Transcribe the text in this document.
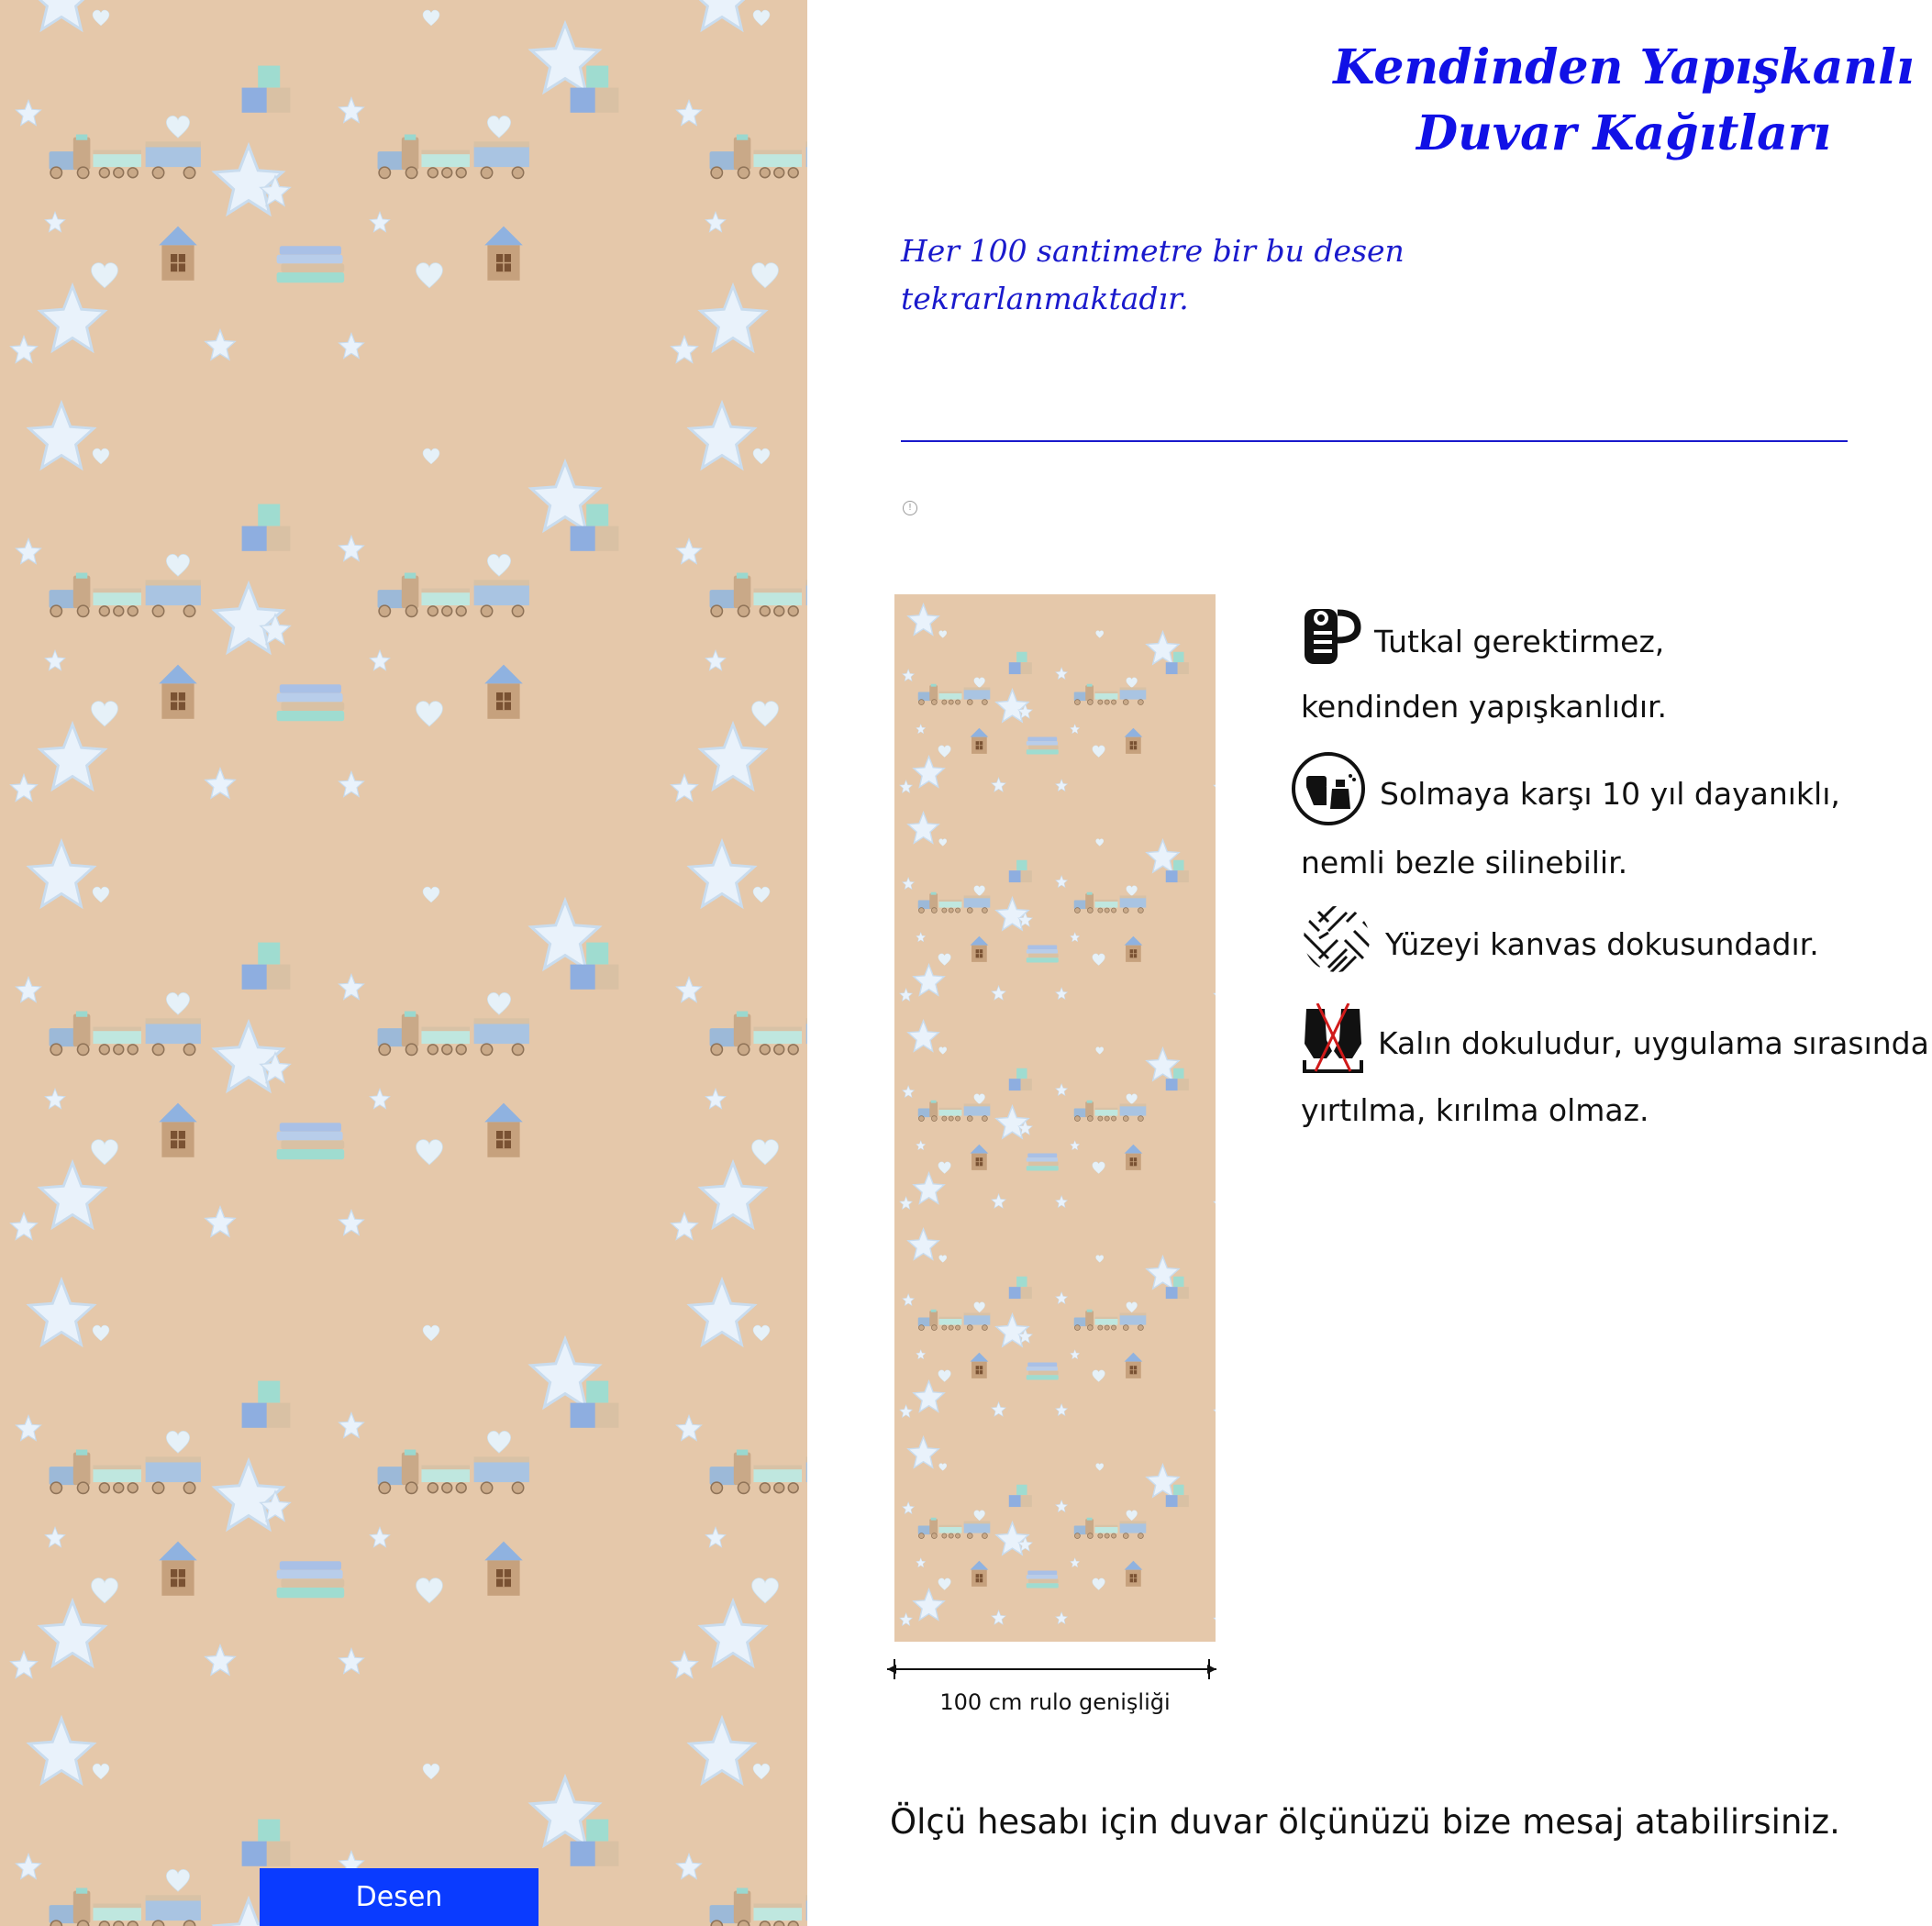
Desen
Kendinden Yapışkanlı
Duvar Kağıtları
Her 100 santimetre bir bu desen
tekrarlanmaktadır.
!
100 cm rulo genişliği
Tutkal gerektirmez,
kendinden yapışkanlıdır.
Solmaya karşı 10 yıl dayanıklı,
nemli bezle silinebilir.
Yüzeyi kanvas dokusundadır.
Kalın dokuludur, uygulama sırasında
yırtılma, kırılma olmaz.
Ölçü hesabı için duvar ölçünüzü bize mesaj atabilirsiniz.
